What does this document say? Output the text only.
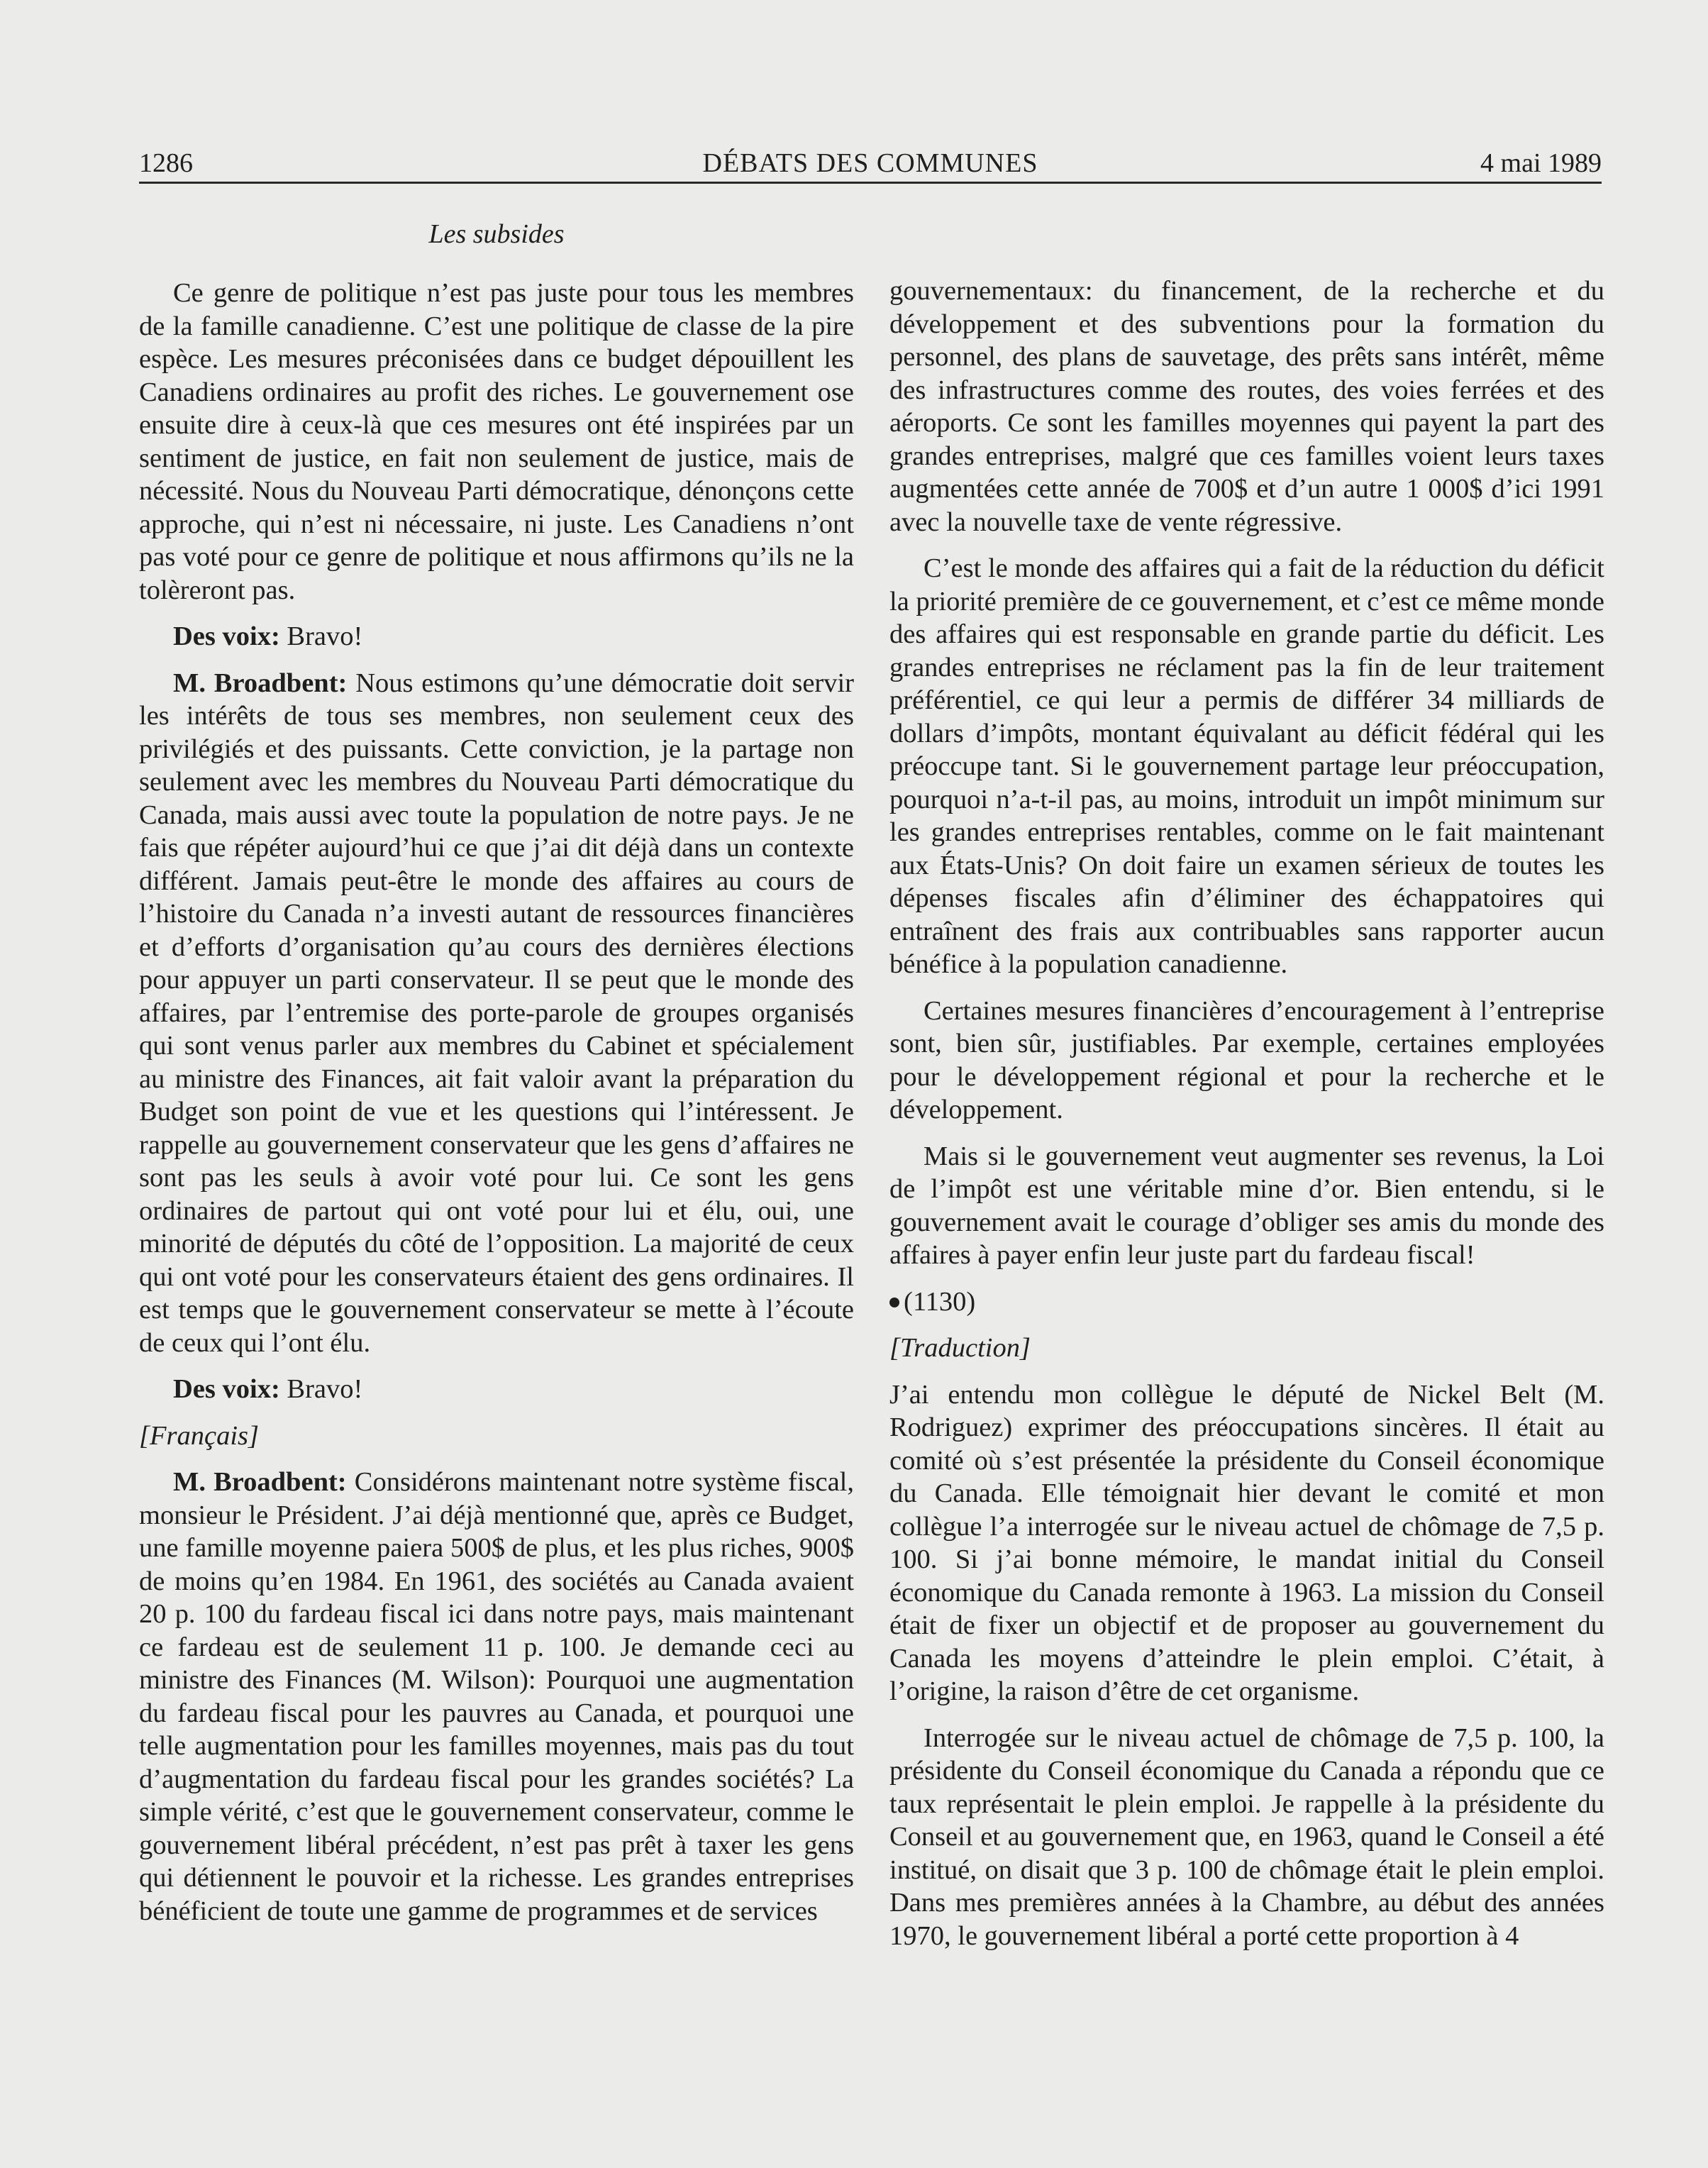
1286	DÉBATS DES COMMUNES	4 mai 1989
Les subsides

Ce genre de politique n’est pas juste pour tous les membres de la famille canadienne. C’est une politique de classe de la pire espèce. Les mesures préconisées dans ce budget dépouillent les Canadiens ordinaires au profit des riches. Le gouvernement ose ensuite dire à ceux-là que ces mesures ont été inspirées par un sentiment de justice, en fait non seulement de justice, mais de nécessité. Nous du Nouveau Parti démocratique, dénonçons cette approche, qui n’est ni nécessaire, ni juste. Les Canadiens n’ont pas voté pour ce genre de politique et nous affirmons qu’ils ne la tolèreront pas.

Des voix: Bravo!

M. Broadbent: Nous estimons qu’une démocratie doit servir les intérêts de tous ses membres, non seulement ceux des privilégiés et des puissants. Cette conviction, je la partage non seulement avec les membres du Nouveau Parti démocratique du Canada, mais aussi avec toute la population de notre pays. Je ne fais que répéter aujourd’hui ce que j’ai dit déjà dans un contexte différent. Jamais peut-être le monde des affaires au cours de l’histoire du Canada n’a investi autant de ressources financières et d’efforts d’organisation qu’au cours des dernières élections pour appuyer un parti conservateur. Il se peut que le monde des affaires, par l’entremise des porte-parole de groupes organisés qui sont venus parler aux membres du Cabinet et spécialement au ministre des Finances, ait fait valoir avant la préparation du Budget son point de vue et les questions qui l’intéressent. Je rappelle au gouvernement conservateur que les gens d’affaires ne sont pas les seuls à avoir voté pour lui. Ce sont les gens ordinaires de partout qui ont voté pour lui et élu, oui, une minorité de députés du côté de l’opposition. La majorité de ceux qui ont voté pour les conservateurs étaient des gens ordinaires. Il est temps que le gouvernement conservateur se mette à l’écoute de ceux qui l’ont élu.

Des voix: Bravo!

[Français]

M. Broadbent: Considérons maintenant notre système fiscal, monsieur le Président. J’ai déjà mentionné que, après ce Budget, une famille moyenne paiera 500$ de plus, et les plus riches, 900$ de moins qu’en 1984. En 1961, des sociétés au Canada avaient 20 p. 100 du fardeau fiscal ici dans notre pays, mais maintenant ce fardeau est de seulement 11 p. 100. Je demande ceci au ministre des Finances (M. Wilson): Pourquoi une augmentation du fardeau fiscal pour les pauvres au Canada, et pourquoi une telle augmentation pour les familles moyennes, mais pas du tout d’augmentation du fardeau fiscal pour les grandes sociétés? La simple vérité, c’est que le gouvernement conservateur, comme le gouvernement libéral précédent, n’est pas prêt à taxer les gens qui détiennent le pouvoir et la richesse. Les grandes entreprises bénéficient de toute une gamme de programmes et de services

gouvernementaux: du financement, de la recherche et du développement et des subventions pour la formation du personnel, des plans de sauvetage, des prêts sans intérêt, même des infrastructures comme des routes, des voies ferrées et des aéroports. Ce sont les familles moyennes qui payent la part des grandes entreprises, malgré que ces familles voient leurs taxes augmentées cette année de 700$ et d’un autre 1 000$ d’ici 1991 avec la nouvelle taxe de vente régressive.

C’est le monde des affaires qui a fait de la réduction du déficit la priorité première de ce gouvernement, et c’est ce même monde des affaires qui est responsable en grande partie du déficit. Les grandes entreprises ne réclament pas la fin de leur traitement préférentiel, ce qui leur a permis de différer 34 milliards de dollars d’impôts, montant équivalant au déficit fédéral qui les préoccupe tant. Si le gouvernement partage leur préoccupation, pourquoi n’a-t-il pas, au moins, introduit un impôt minimum sur les grandes entreprises rentables, comme on le fait maintenant aux États-Unis? On doit faire un examen sérieux de toutes les dépenses fiscales afin d’éliminer des échappatoires qui entraînent des frais aux contribuables sans rapporter aucun bénéfice à la population canadienne.

Certaines mesures financières d’encouragement à l’entreprise sont, bien sûr, justifiables. Par exemple, certaines employées pour le développement régional et pour la recherche et le développement.

Mais si le gouvernement veut augmenter ses revenus, la Loi de l’impôt est une véritable mine d’or. Bien entendu, si le gouvernement avait le courage d’obliger ses amis du monde des affaires à payer enfin leur juste part du fardeau fiscal!

(1130)

[Traduction]

J’ai entendu mon collègue le député de Nickel Belt (M. Rodriguez) exprimer des préoccupations sincères. Il était au comité où s’est présentée la présidente du Conseil économique du Canada. Elle témoignait hier devant le comité et mon collègue l’a interrogée sur le niveau actuel de chômage de 7,5 p. 100. Si j’ai bonne mémoire, le mandat initial du Conseil économique du Canada remonte à 1963. La mission du Conseil était de fixer un objectif et de proposer au gouvernement du Canada les moyens d’atteindre le plein emploi. C’était, à l’origine, la raison d’être de cet organisme.

Interrogée sur le niveau actuel de chômage de 7,5 p. 100, la présidente du Conseil économique du Canada a répondu que ce taux représentait le plein emploi. Je rappelle à la présidente du Conseil et au gouvernement que, en 1963, quand le Conseil a été institué, on disait que 3 p. 100 de chômage était le plein emploi. Dans mes premières années à la Chambre, au début des années 1970, le gouvernement libéral a porté cette proportion à 4
